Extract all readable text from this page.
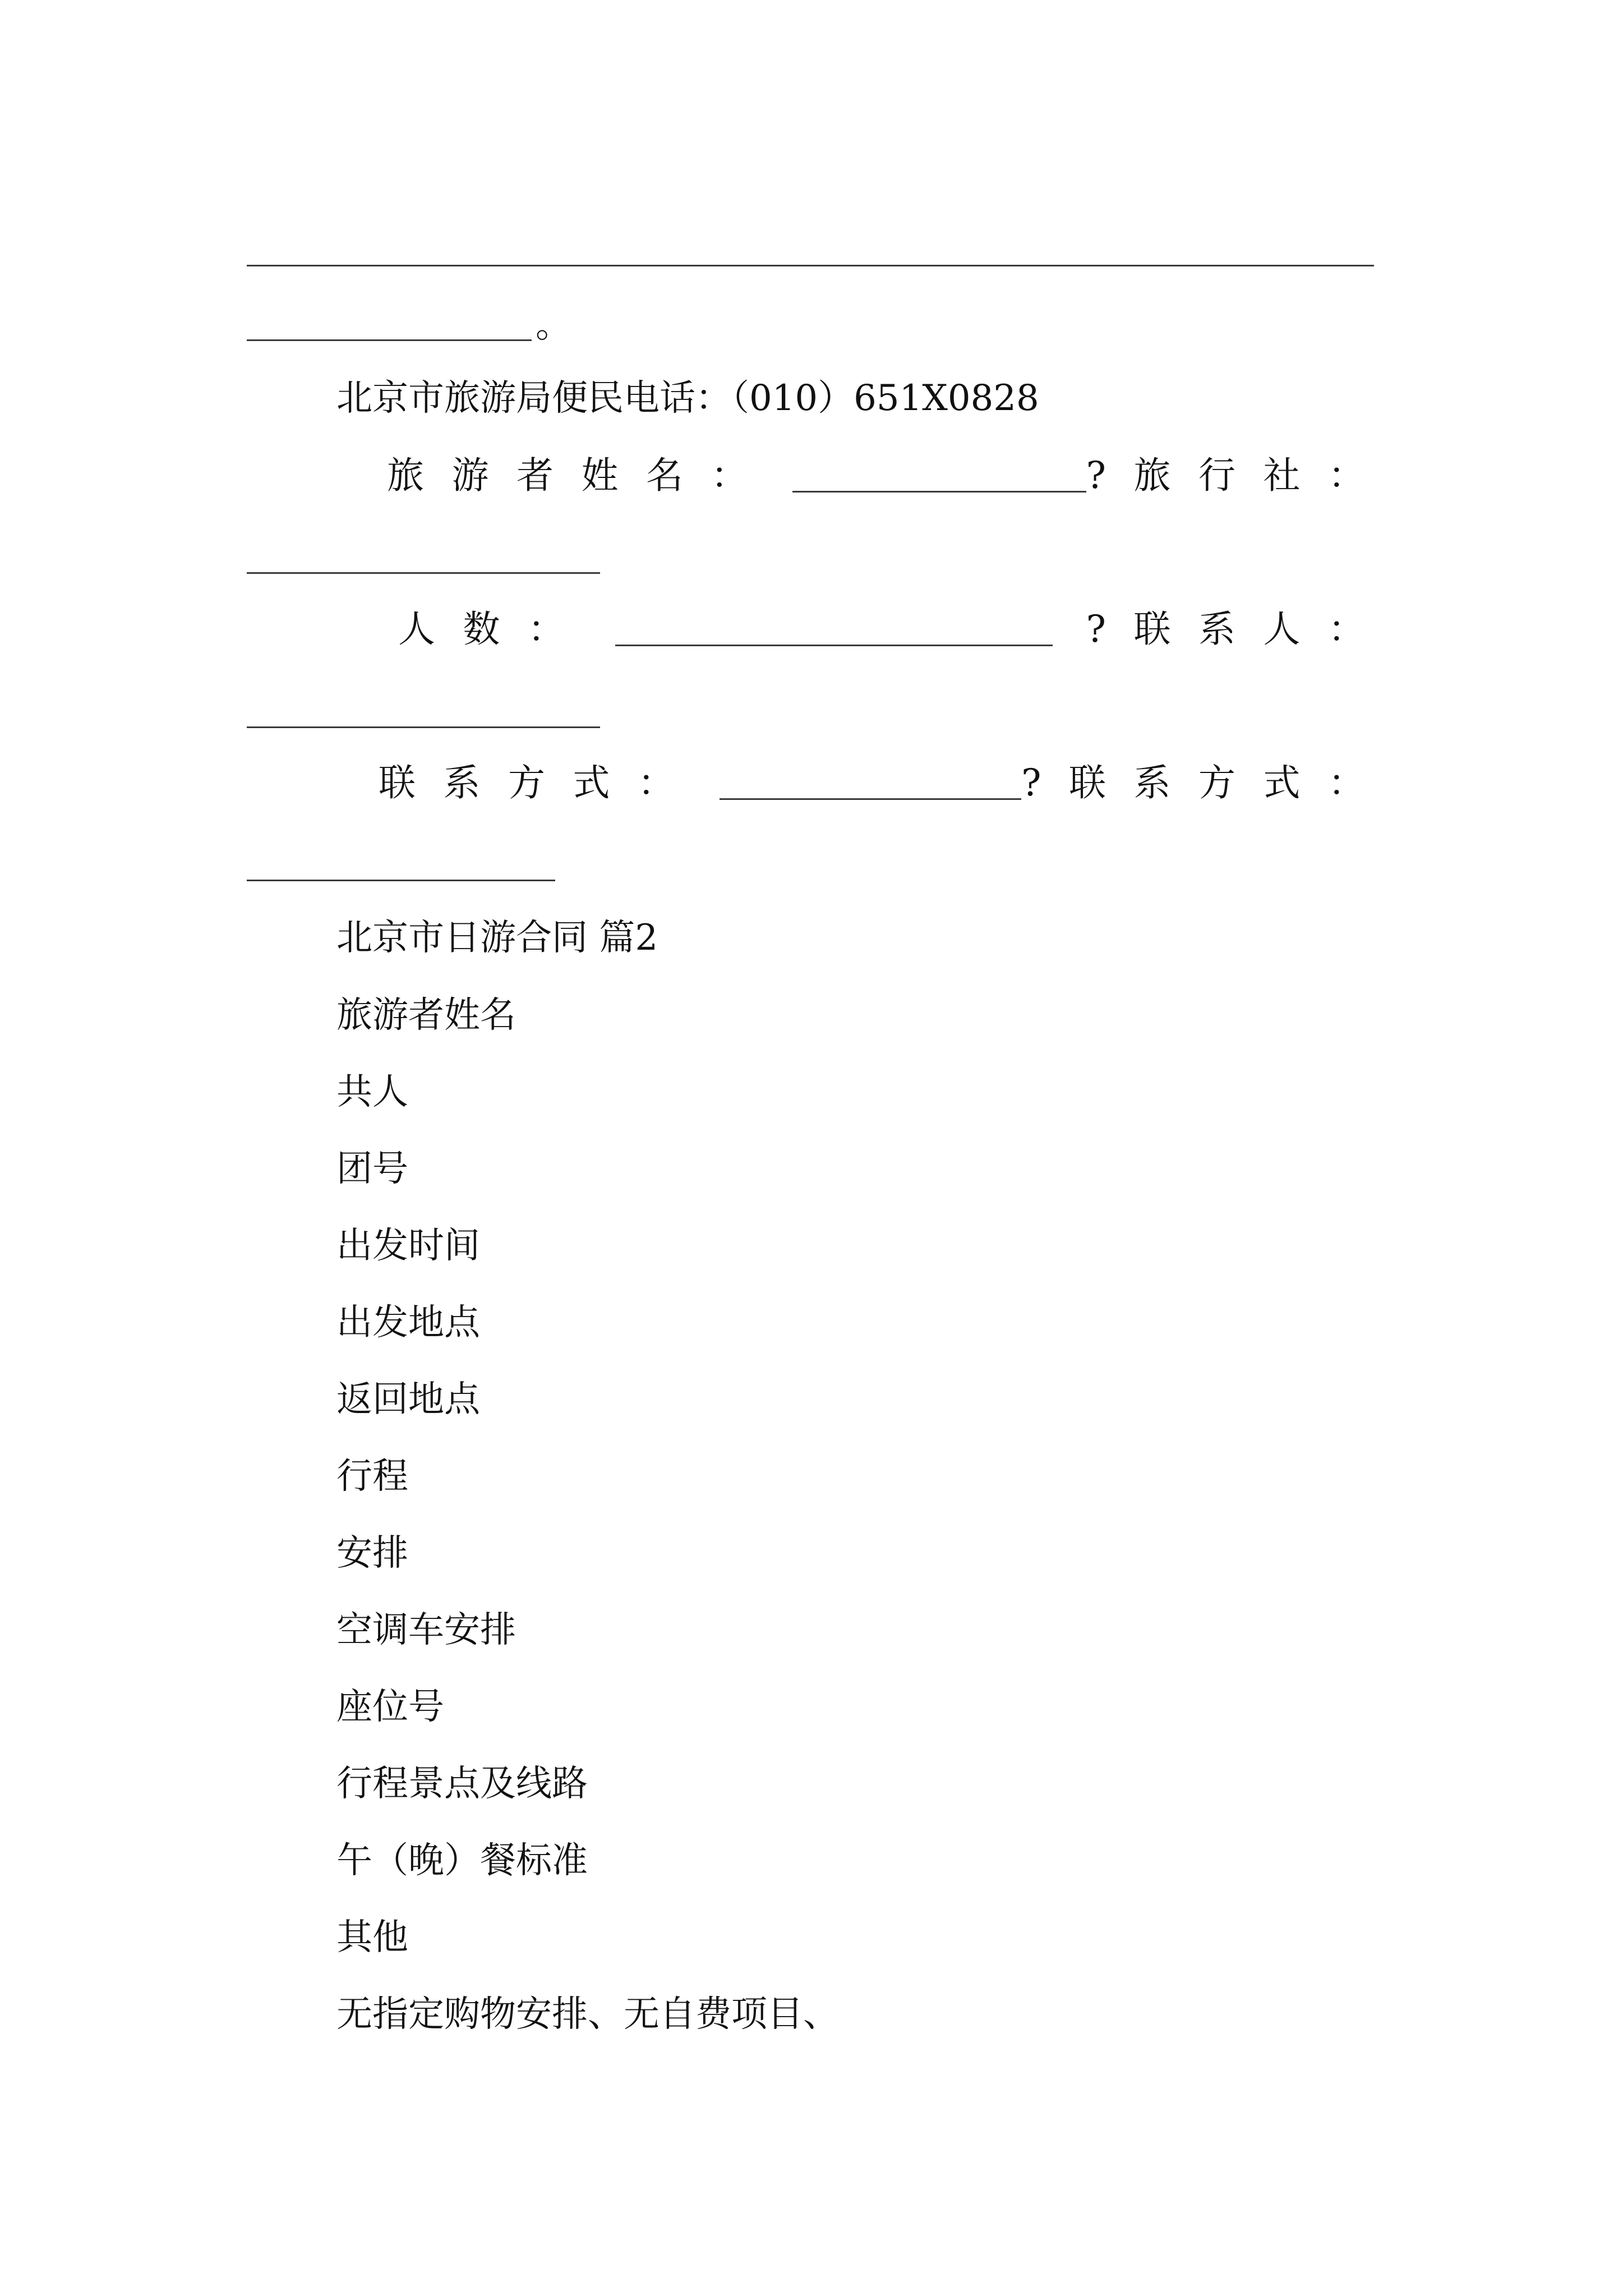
。
北京市旅游局便民电话：（010）651X0828
旅游者姓名：	?旅行社：
人数：	?联系人：
联系方式：	?联系方式：
北京市日游合同 篇2
旅游者姓名
共人
团号
出发时间
出发地点
返回地点
行程
安排
空调车安排
座位号
行程景点及线路
午（晚）餐标准
其他
无指定购物安排、无自费项目、
